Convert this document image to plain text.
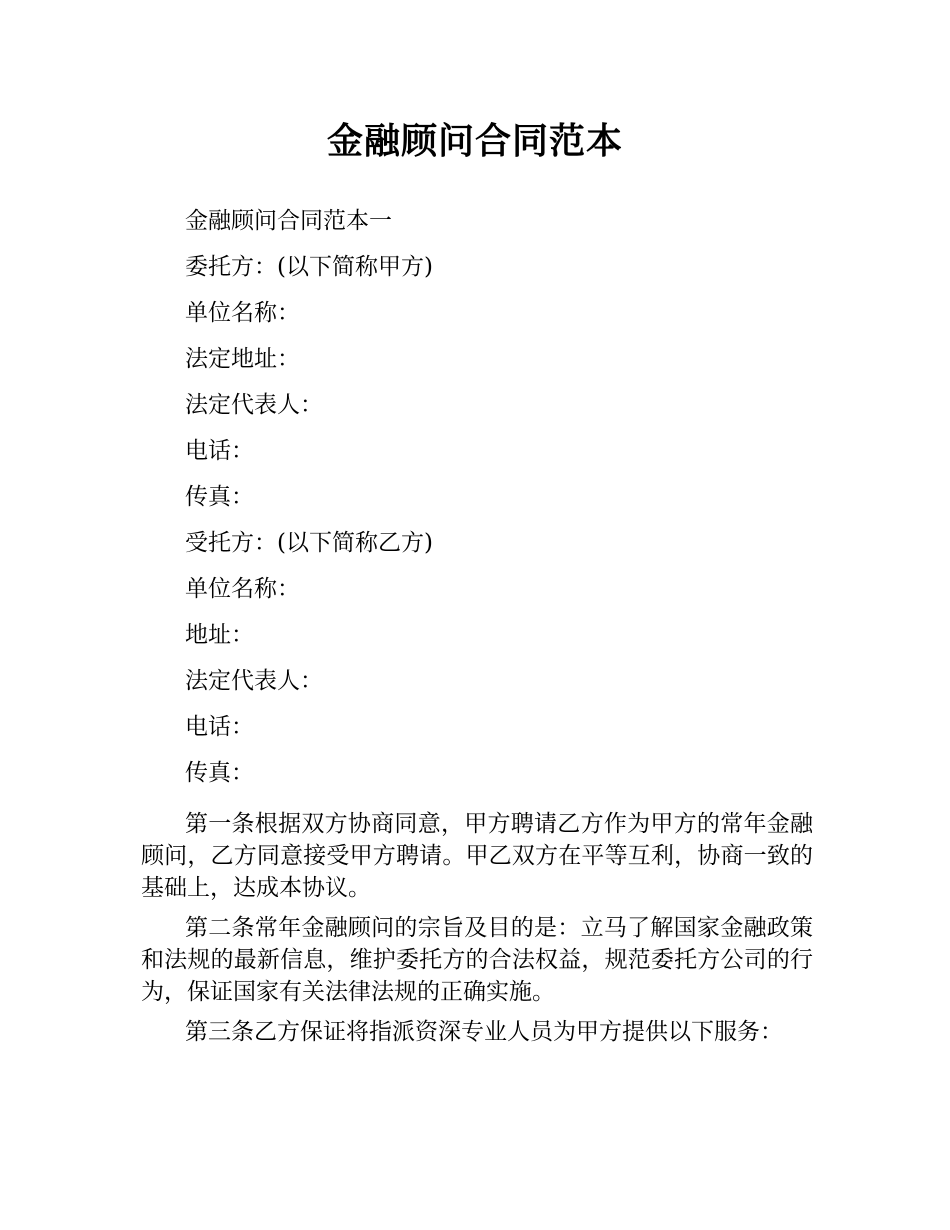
金融顾问合同范本
金融顾问合同范本一
委托方：(以下简称甲方)
单位名称：
法定地址：
法定代表人：
电话：
传真：
受托方：(以下简称乙方)
单位名称：
地址：
法定代表人：
电话：
传真：
第一条根据双方协商同意，甲方聘请乙方作为甲方的常年金融顾问，乙方同意接受甲方聘请。甲乙双方在平等互利，协商一致的基础上，达成本协议。
第二条常年金融顾问的宗旨及目的是：立马了解国家金融政策和法规的最新信息，维护委托方的合法权益，规范委托方公司的行为，保证国家有关法律法规的正确实施。
第三条乙方保证将指派资深专业人员为甲方提供以下服务：
